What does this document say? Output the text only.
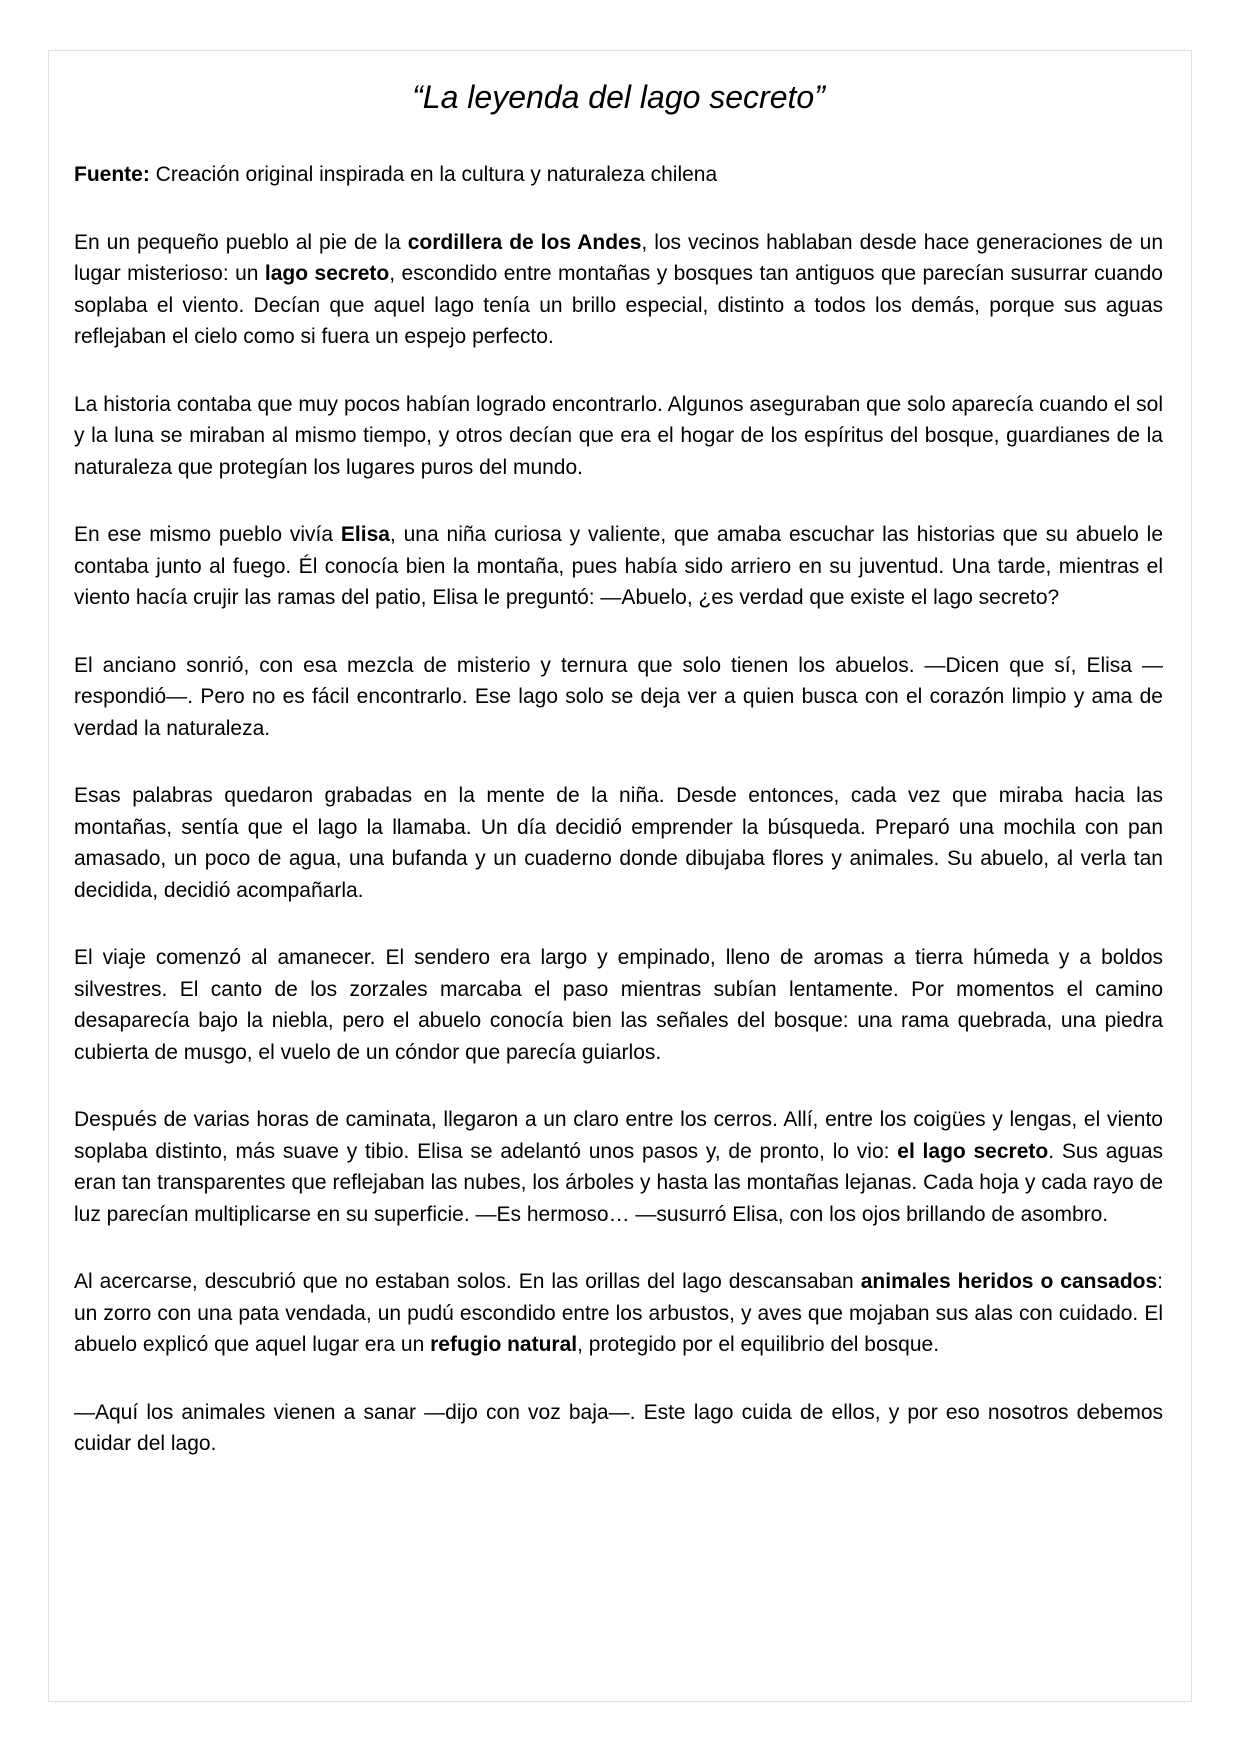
“La leyenda del lago secreto”

Fuente: Creación original inspirada en la cultura y naturaleza chilena

En un pequeño pueblo al pie de la cordillera de los Andes, los vecinos hablaban desde hace generaciones de un lugar misterioso: un lago secreto, escondido entre montañas y bosques tan antiguos que parecían susurrar cuando soplaba el viento. Decían que aquel lago tenía un brillo especial, distinto a todos los demás, porque sus aguas reflejaban el cielo como si fuera un espejo perfecto.

La historia contaba que muy pocos habían logrado encontrarlo. Algunos aseguraban que solo aparecía cuando el sol y la luna se miraban al mismo tiempo, y otros decían que era el hogar de los espíritus del bosque, guardianes de la naturaleza que protegían los lugares puros del mundo.

En ese mismo pueblo vivía Elisa, una niña curiosa y valiente, que amaba escuchar las historias que su abuelo le contaba junto al fuego. Él conocía bien la montaña, pues había sido arriero en su juventud. Una tarde, mientras el viento hacía crujir las ramas del patio, Elisa le preguntó: —Abuelo, ¿es verdad que existe el lago secreto?

El anciano sonrió, con esa mezcla de misterio y ternura que solo tienen los abuelos. —Dicen que sí, Elisa —respondió—. Pero no es fácil encontrarlo. Ese lago solo se deja ver a quien busca con el corazón limpio y ama de verdad la naturaleza.

Esas palabras quedaron grabadas en la mente de la niña. Desde entonces, cada vez que miraba hacia las montañas, sentía que el lago la llamaba. Un día decidió emprender la búsqueda. Preparó una mochila con pan amasado, un poco de agua, una bufanda y un cuaderno donde dibujaba flores y animales. Su abuelo, al verla tan decidida, decidió acompañarla.

El viaje comenzó al amanecer. El sendero era largo y empinado, lleno de aromas a tierra húmeda y a boldos silvestres. El canto de los zorzales marcaba el paso mientras subían lentamente. Por momentos el camino desaparecía bajo la niebla, pero el abuelo conocía bien las señales del bosque: una rama quebrada, una piedra cubierta de musgo, el vuelo de un cóndor que parecía guiarlos.

Después de varias horas de caminata, llegaron a un claro entre los cerros. Allí, entre los coigües y lengas, el viento soplaba distinto, más suave y tibio. Elisa se adelantó unos pasos y, de pronto, lo vio: el lago secreto. Sus aguas eran tan transparentes que reflejaban las nubes, los árboles y hasta las montañas lejanas. Cada hoja y cada rayo de luz parecían multiplicarse en su superficie. —Es hermoso… —susurró Elisa, con los ojos brillando de asombro.

Al acercarse, descubrió que no estaban solos. En las orillas del lago descansaban animales heridos o cansados: un zorro con una pata vendada, un pudú escondido entre los arbustos, y aves que mojaban sus alas con cuidado. El abuelo explicó que aquel lugar era un refugio natural, protegido por el equilibrio del bosque.

—Aquí los animales vienen a sanar —dijo con voz baja—. Este lago cuida de ellos, y por eso nosotros debemos cuidar del lago.
